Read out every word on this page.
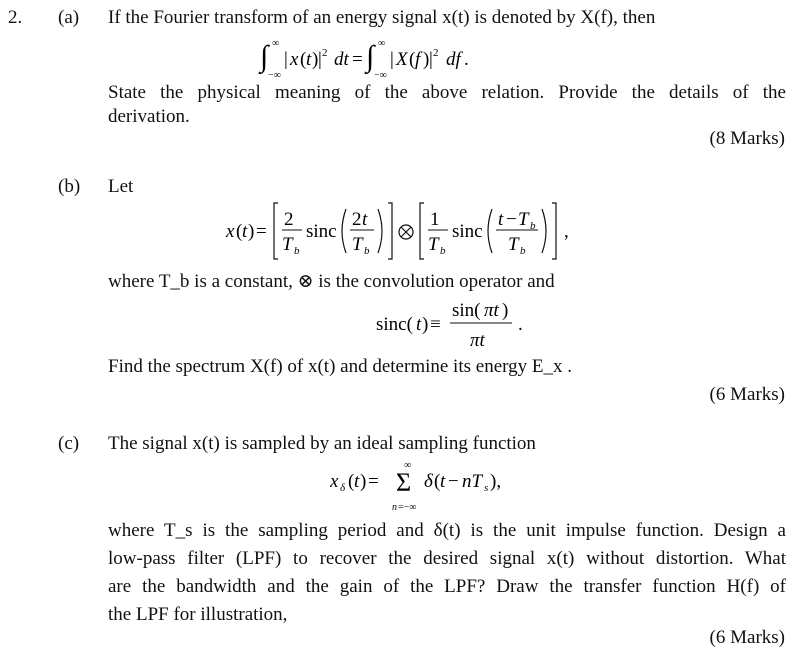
2. (a) If the Fourier transform of an energy signal x(t) is denoted by X(f), then
∫ ∞
−∞
| x ( t ) | 2 dt = ∫ ∞
−∞
| X ( f ) | 2 df .
State the physical meaning of the above relation. Provide the details of the
derivation.
(8 Marks)
(b) Let
x ( t ) =
2
T b
sinc
2 t
T b
1
T b
sinc
t − T b
T b
,
where T_b is a constant, ⊗ is the convolution operator and
sinc( t ) ≡
sin( πt )
πt
.
Find the spectrum X(f) of x(t) and determine its energy E_x .
(6 Marks)
(c) The signal x(t) is sampled by an ideal sampling function
x δ ( t ) =
∞
Σ
n =−∞
δ ( t − nT s ),
where T_s is the sampling period and δ(t) is the unit impulse function. Design a
low-pass filter (LPF) to recover the desired signal x(t) without distortion. What
are the bandwidth and the gain of the LPF? Draw the transfer function H(f) of
the LPF for illustration,
(6 Marks)
